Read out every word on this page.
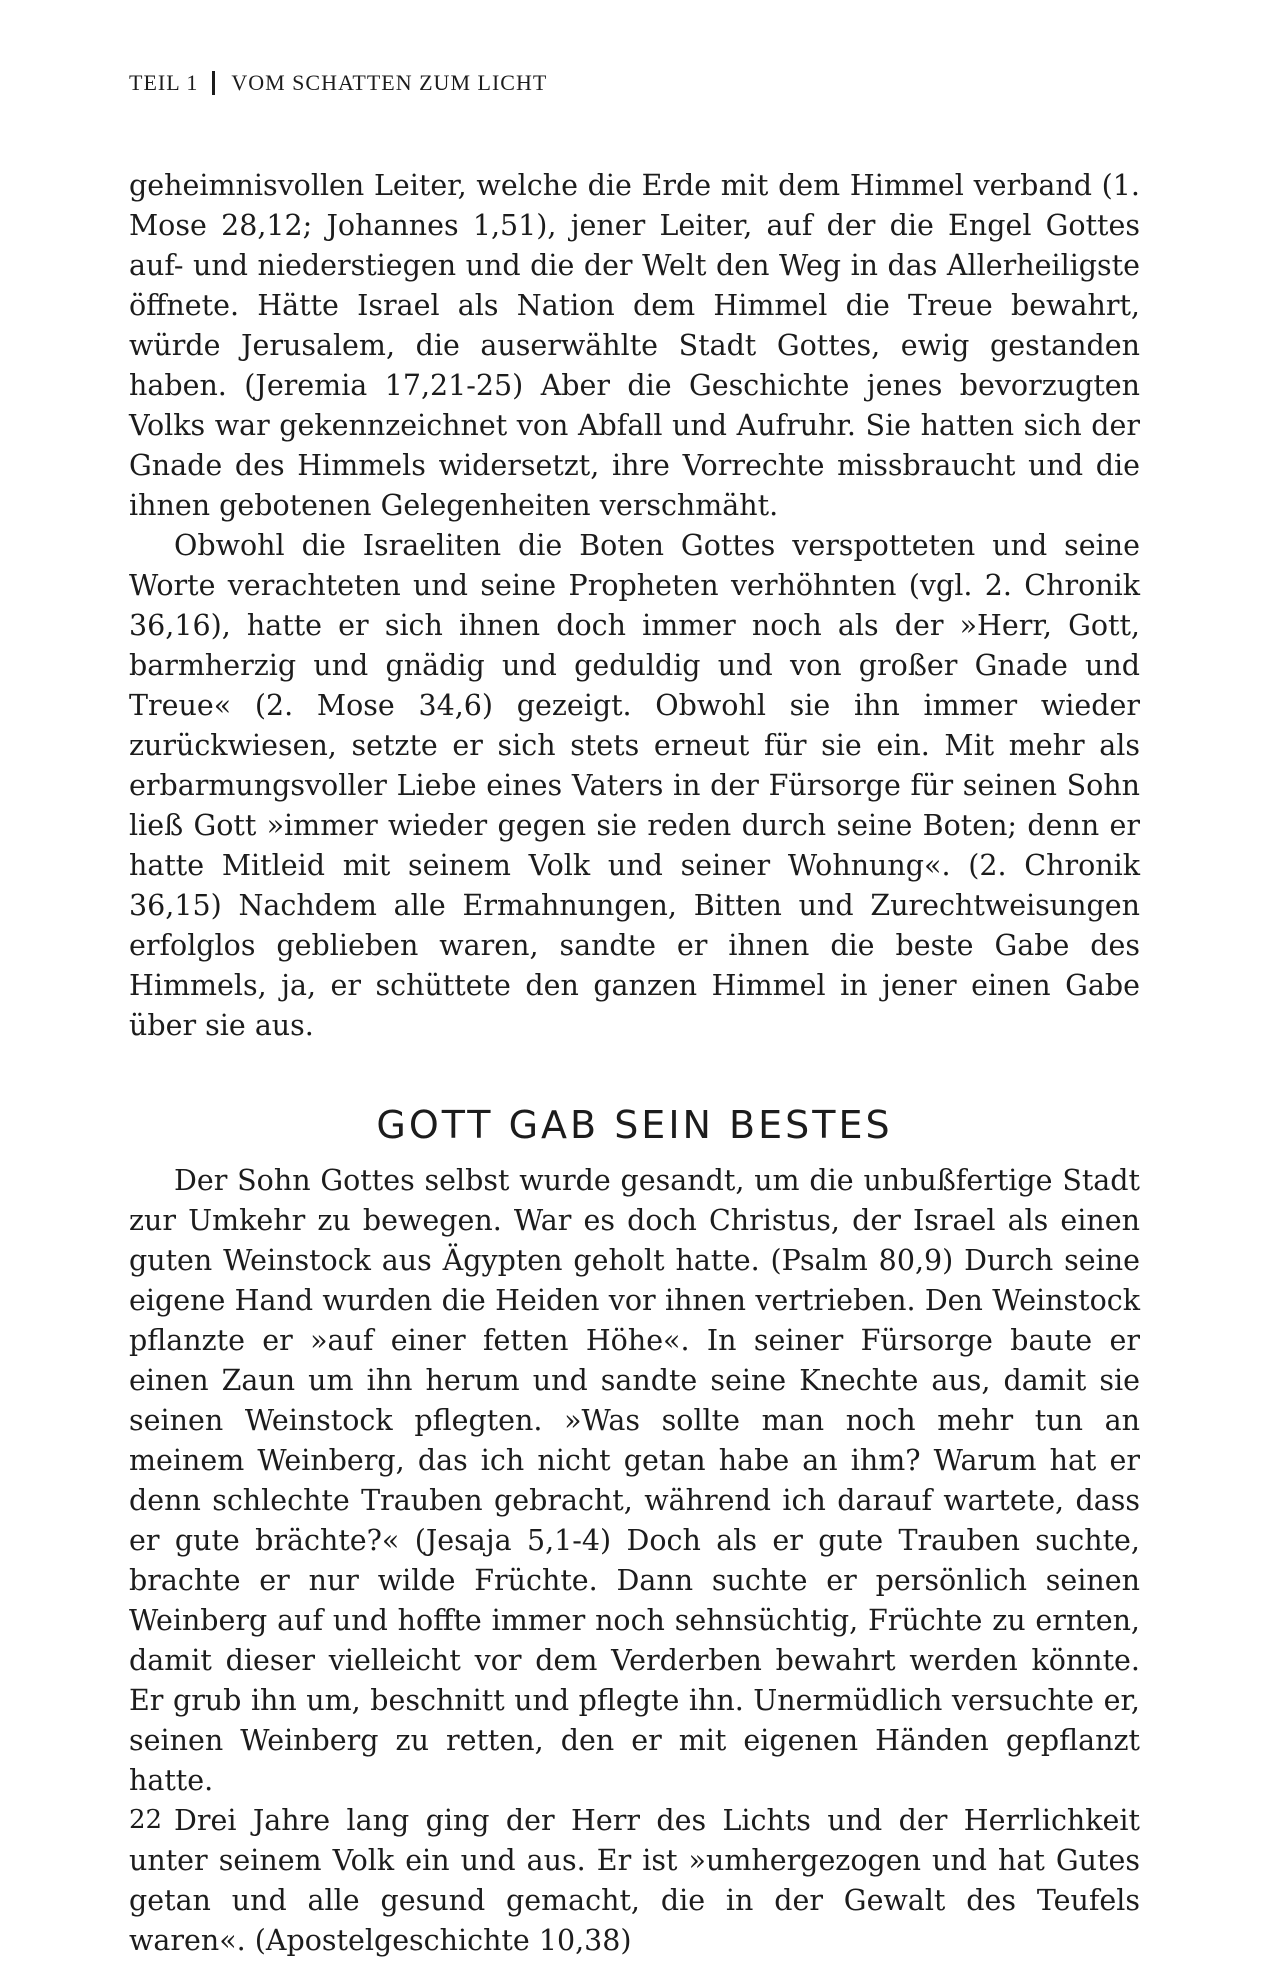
TEIL 1 VOM SCHATTEN ZUM LICHT

geheimnisvollen Leiter, welche die Erde mit dem Himmel verband (1. Mose 28,12; Johannes 1,51), jener Leiter, auf der die Engel Gottes auf- und niederstiegen und die der Welt den Weg in das Allerheiligste öffnete. Hätte Israel als Nation dem Himmel die Treue bewahrt, würde Jerusalem, die auserwählte Stadt Gottes, ewig gestanden haben. (Jeremia 17,21-25) Aber die Geschichte jenes bevorzugten Volks war gekennzeichnet von Abfall und Aufruhr. Sie hatten sich der Gnade des Himmels widersetzt, ihre Vorrechte missbraucht und die ihnen gebotenen Gelegenheiten verschmäht.

Obwohl die Israeliten die Boten Gottes verspotteten und seine Worte verachteten und seine Propheten verhöhnten (vgl. 2. Chronik 36,16), hatte er sich ihnen doch immer noch als der »Herr, Gott, barmherzig und gnädig und geduldig und von großer Gnade und Treue« (2. Mose 34,6) gezeigt. Obwohl sie ihn immer wieder zurückwiesen, setzte er sich stets erneut für sie ein. Mit mehr als erbarmungsvoller Liebe eines Vaters in der Fürsorge für seinen Sohn ließ Gott »immer wieder gegen sie reden durch seine Boten; denn er hatte Mitleid mit seinem Volk und seiner Wohnung«. (2. Chronik 36,15) Nachdem alle Ermahnungen, Bitten und Zurechtweisungen erfolglos geblieben waren, sandte er ihnen die beste Gabe des Himmels, ja, er schüttete den ganzen Himmel in jener einen Gabe über sie aus.

GOTT GAB SEIN BESTES

Der Sohn Gottes selbst wurde gesandt, um die unbußfertige Stadt zur Umkehr zu bewegen. War es doch Christus, der Israel als einen guten Weinstock aus Ägypten geholt hatte. (Psalm 80,9) Durch seine eigene Hand wurden die Heiden vor ihnen vertrieben. Den Weinstock pflanzte er »auf einer fetten Höhe«. In seiner Fürsorge baute er einen Zaun um ihn herum und sandte seine Knechte aus, damit sie seinen Weinstock pflegten. »Was sollte man noch mehr tun an meinem Weinberg, das ich nicht getan habe an ihm? Warum hat er denn schlechte Trauben gebracht, während ich darauf wartete, dass er gute brächte?« (Jesaja 5,1-4) Doch als er gute Trauben suchte, brachte er nur wilde Früchte. Dann suchte er persönlich seinen Weinberg auf und hoffte immer noch sehnsüchtig, Früchte zu ernten, damit dieser vielleicht vor dem Verderben bewahrt werden könnte. Er grub ihn um, beschnitt und pflegte ihn. Unermüdlich versuchte er, seinen Weinberg zu retten, den er mit eigenen Händen gepflanzt hatte.

Drei Jahre lang ging der Herr des Lichts und der Herrlichkeit unter seinem Volk ein und aus. Er ist »umhergezogen und hat Gutes getan und alle gesund gemacht, die in der Gewalt des Teufels waren«. (Apostelgeschichte 10,38)

22
